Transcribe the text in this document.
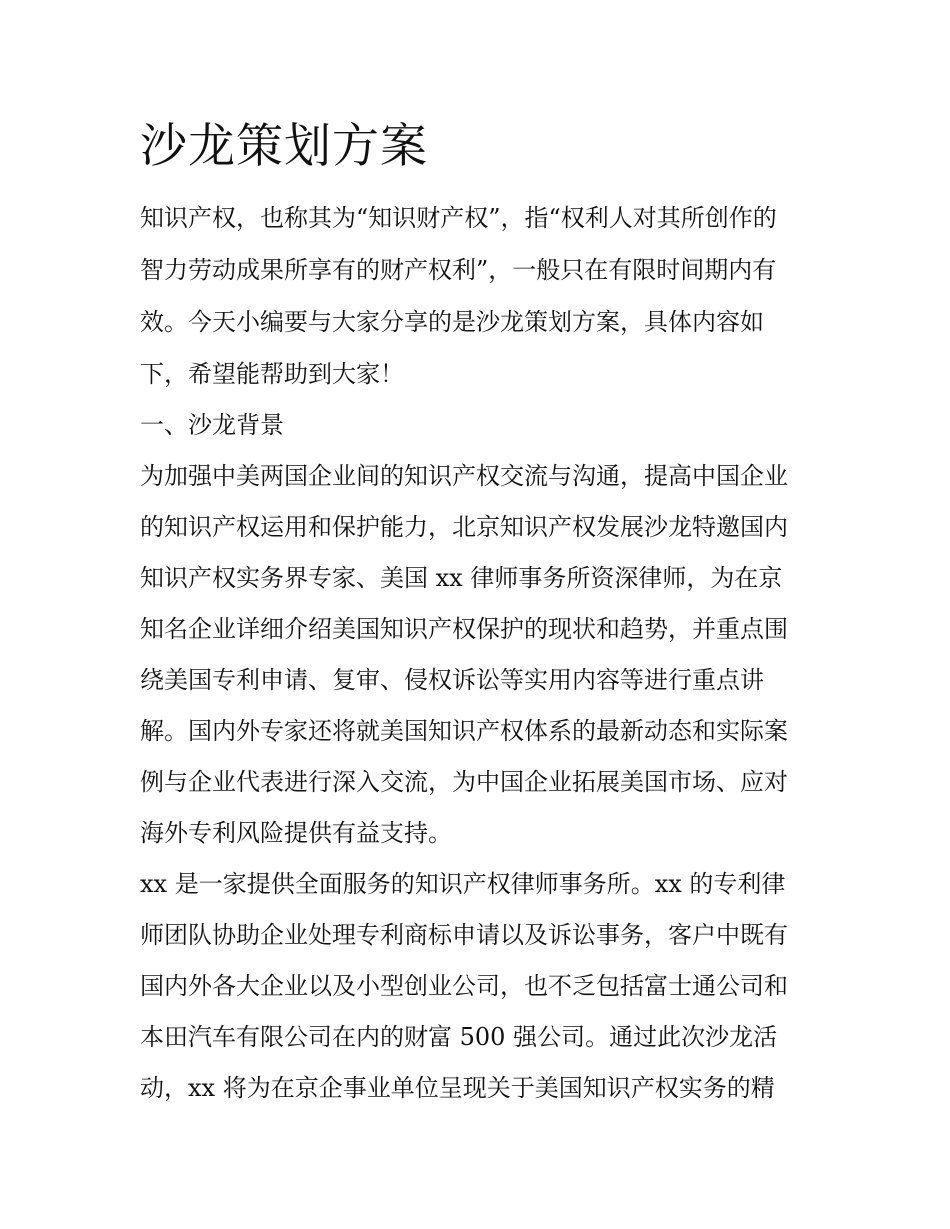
沙龙策划方案

知识产权，也称其为“知识财产权”，指“权利人对其所创作的

智力劳动成果所享有的财产权利”，一般只在有限时间期内有

效。今天小编要与大家分享的是沙龙策划方案，具体内容如

下，希望能帮助到大家！

一、沙龙背景

为加强中美两国企业间的知识产权交流与沟通，提高中国企业

的知识产权运用和保护能力，北京知识产权发展沙龙特邀国内

知识产权实务界专家、美国 xx 律师事务所资深律师，为在京

知名企业详细介绍美国知识产权保护的现状和趋势，并重点围

绕美国专利申请、复审、侵权诉讼等实用内容等进行重点讲

解。国内外专家还将就美国知识产权体系的最新动态和实际案

例与企业代表进行深入交流，为中国企业拓展美国市场、应对

海外专利风险提供有益支持。

xx 是一家提供全面服务的知识产权律师事务所。xx 的专利律

师团队协助企业处理专利商标申请以及诉讼事务，客户中既有

国内外各大企业以及小型创业公司，也不乏包括富士通公司和

本田汽车有限公司在内的财富 500 强公司。通过此次沙龙活

动，xx 将为在京企事业单位呈现关于美国知识产权实务的精
